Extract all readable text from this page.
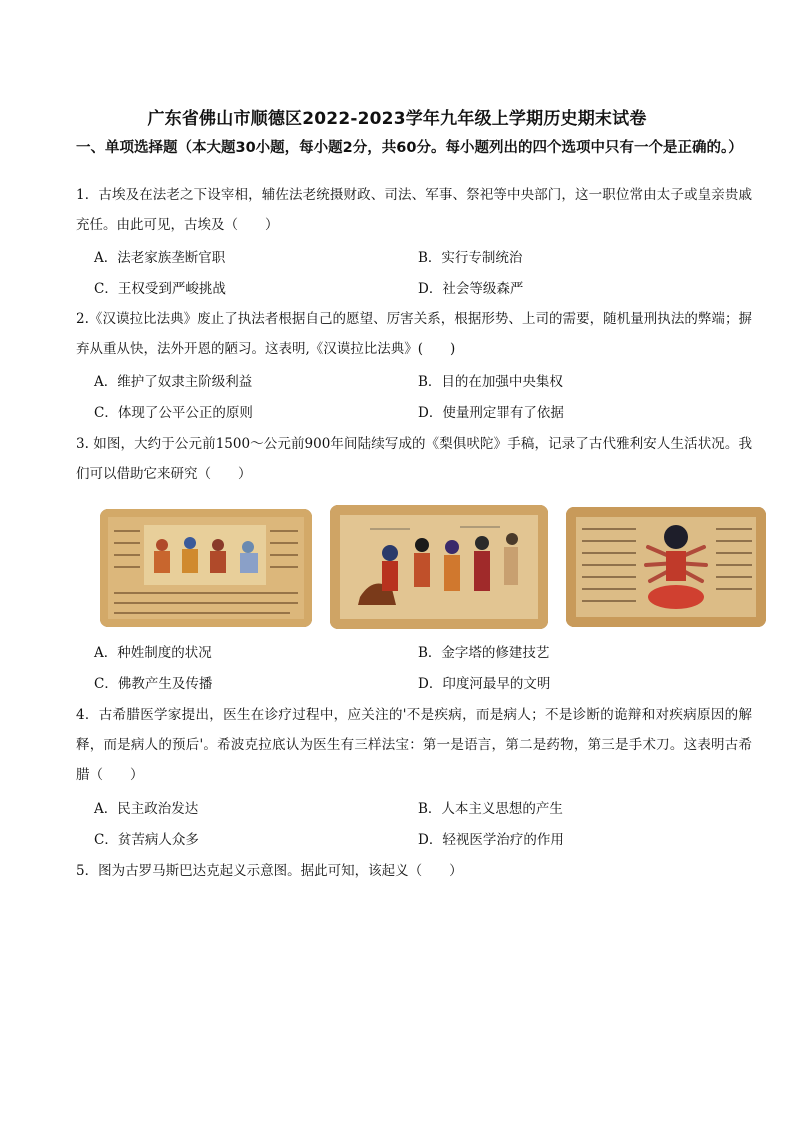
广东省佛山市顺德区2022-2023学年九年级上学期历史期末试卷
一、单项选择题（本大题30小题，每小题2分，共60分。每小题列出的四个选项中只有一个是正确的。）
1．古埃及在法老之下设宰相，辅佐法老统摄财政、司法、军事、祭祀等中央部门，这一职位常由太子或皇亲贵戚充任。由此可见，古埃及（　　）
A．法老家族垄断官职	B．实行专制统治
C．王权受到严峻挑战	D．社会等级森严
2.《汉谟拉比法典》废止了执法者根据自己的愿望、厉害关系，根据形势、上司的需要，随机量刑执法的弊端；摒弃从重从快，法外开恩的陋习。这表明,《汉谟拉比法典》(　　)
A．维护了奴隶主阶级利益	B．目的在加强中央集权
C．体现了公平公正的原则	D．使量刑定罪有了依据
3. 如图，大约于公元前1500～公元前900年间陆续写成的《梨俱吠陀》手稿，记录了古代雅利安人生活状况。我们可以借助它来研究（　　）
A．种姓制度的状况	B．金字塔的修建技艺
C．佛教产生及传播	D．印度河最早的文明
4．古希腊医学家提出，医生在诊疗过程中，应关注的'不是疾病，而是病人；不是诊断的诡辩和对疾病原因的解释，而是病人的预后'。希波克拉底认为医生有三样法宝：第一是语言，第二是药物，第三是手术刀。这表明古希腊（　　）
A．民主政治发达	B．人本主义思想的产生
C．贫苦病人众多	D．轻视医学治疗的作用
5．图为古罗马斯巴达克起义示意图。据此可知，该起义（　　）
